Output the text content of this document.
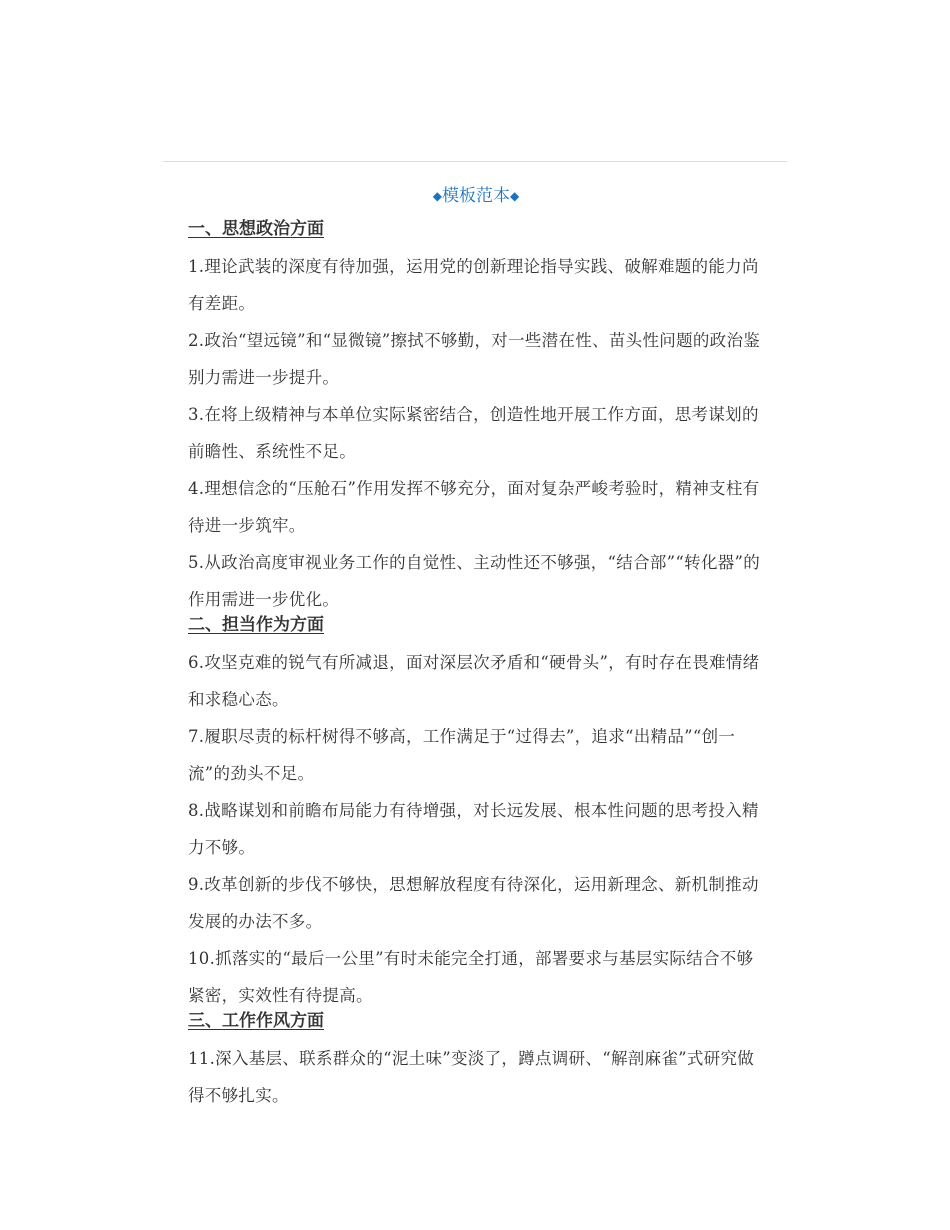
◆模板范本◆
一、思想政治方面

1.理论武装的深度有待加强，运用党的创新理论指导实践、破解难题的能力尚有差距。

2.政治“望远镜”和“显微镜”擦拭不够勤，对一些潜在性、苗头性问题的政治鉴别力需进一步提升。

3.在将上级精神与本单位实际紧密结合，创造性地开展工作方面，思考谋划的前瞻性、系统性不足。

4.理想信念的“压舱石”作用发挥不够充分，面对复杂严峻考验时，精神支柱有待进一步筑牢。

5.从政治高度审视业务工作的自觉性、主动性还不够强，“结合部”“转化器”的作用需进一步优化。

二、担当作为方面

6.攻坚克难的锐气有所减退，面对深层次矛盾和“硬骨头”，有时存在畏难情绪和求稳心态。

7.履职尽责的标杆树得不够高，工作满足于“过得去”，追求“出精品”“创一流”的劲头不足。

8.战略谋划和前瞻布局能力有待增强，对长远发展、根本性问题的思考投入精力不够。

9.改革创新的步伐不够快，思想解放程度有待深化，运用新理念、新机制推动发展的办法不多。

10.抓落实的“最后一公里”有时未能完全打通，部署要求与基层实际结合不够紧密，实效性有待提高。

三、工作作风方面

11.深入基层、联系群众的“泥土味”变淡了，蹲点调研、“解剖麻雀”式研究做得不够扎实。
